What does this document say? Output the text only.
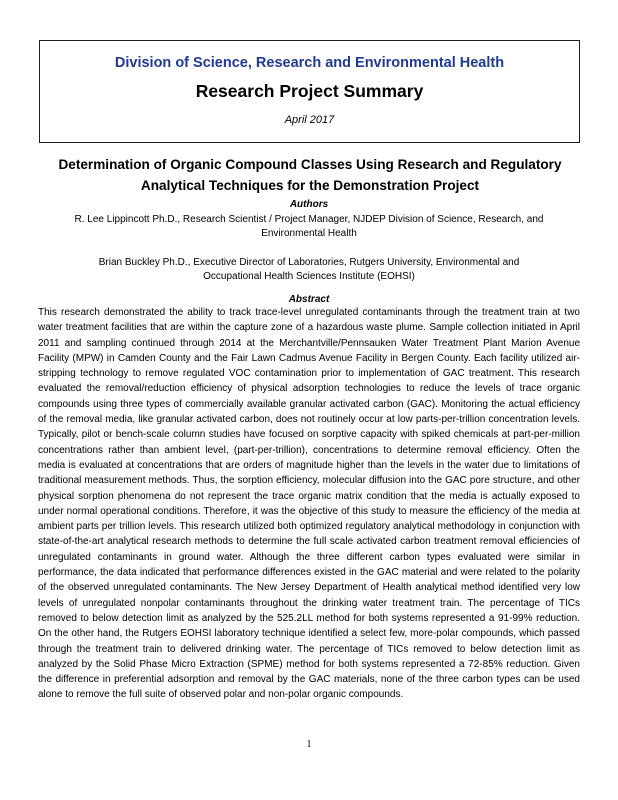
Division of Science, Research and Environmental Health
Research Project Summary
April 2017
Determination of Organic Compound Classes Using Research and Regulatory Analytical Techniques for the Demonstration Project
Authors
R. Lee Lippincott Ph.D., Research Scientist / Project Manager, NJDEP Division of Science, Research, and Environmental Health
Brian Buckley Ph.D., Executive Director of Laboratories, Rutgers University, Environmental and Occupational Health Sciences Institute (EOHSI)
Abstract

This research demonstrated the ability to track trace-level unregulated contaminants through the treatment train at two water treatment facilities that are within the capture zone of a hazardous waste plume. Sample collection initiated in April 2011 and sampling continued through 2014 at the Merchantville/Pennsauken Water Treatment Plant Marion Avenue Facility (MPW) in Camden County and the Fair Lawn Cadmus Avenue Facility in Bergen County. Each facility utilized air-stripping technology to remove regulated VOC contamination prior to implementation of GAC treatment. This research evaluated the removal/reduction efficiency of physical adsorption technologies to reduce the levels of trace organic compounds using three types of commercially available granular activated carbon (GAC). Monitoring the actual efficiency of the removal media, like granular activated carbon, does not routinely occur at low parts-per-trillion concentration levels. Typically, pilot or bench-scale column studies have focused on sorptive capacity with spiked chemicals at part-per-million concentrations rather than ambient level, (part-per-trillion), concentrations to determine removal efficiency. Often the media is evaluated at concentrations that are orders of magnitude higher than the levels in the water due to limitations of traditional measurement methods. Thus, the sorption efficiency, molecular diffusion into the GAC pore structure, and other physical sorption phenomena do not represent the trace organic matrix condition that the media is actually exposed to under normal operational conditions. Therefore, it was the objective of this study to measure the efficiency of the media at ambient parts per trillion levels. This research utilized both optimized regulatory analytical methodology in conjunction with state-of-the-art analytical research methods to determine the full scale activated carbon treatment removal efficiencies of unregulated contaminants in ground water. Although the three different carbon types evaluated were similar in performance, the data indicated that performance differences existed in the GAC material and were related to the polarity of the observed unregulated contaminants. The New Jersey Department of Health analytical method identified very low levels of unregulated nonpolar contaminants throughout the drinking water treatment train. The percentage of TICs removed to below detection limit as analyzed by the 525.2LL method for both systems represented a 91-99% reduction. On the other hand, the Rutgers EOHSI laboratory technique identified a select few, more-polar compounds, which passed through the treatment train to delivered drinking water. The percentage of TICs removed to below detection limit as analyzed by the Solid Phase Micro Extraction (SPME) method for both systems represented a 72-85% reduction. Given the difference in preferential adsorption and removal by the GAC materials, none of the three carbon types can be used alone to remove the full suite of observed polar and non-polar organic compounds.

1
